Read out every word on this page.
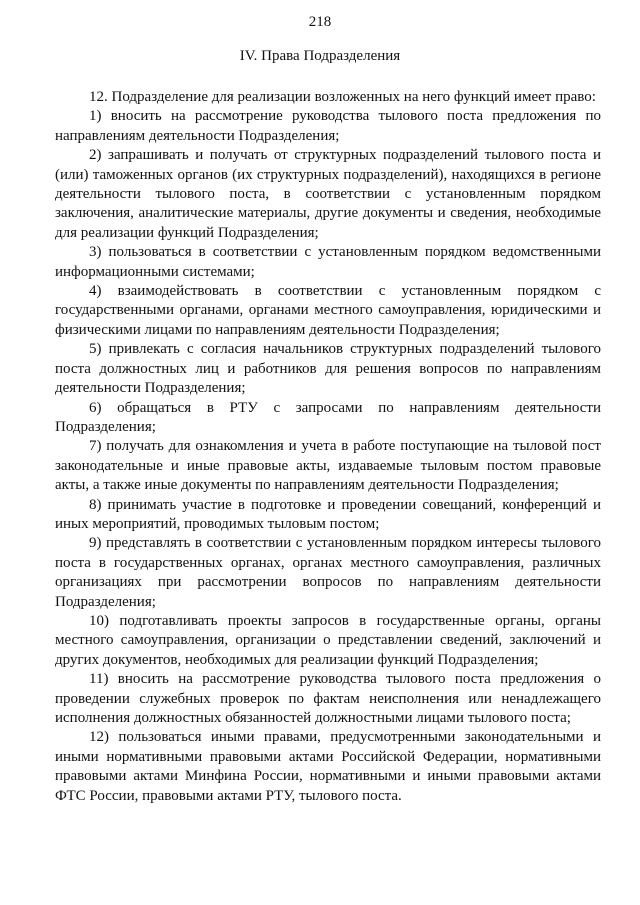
218
IV. Права Подразделения

12. Подразделение для реализации возложенных на него функций имеет право:

1) вносить на рассмотрение руководства тылового поста предложения по направлениям деятельности Подразделения;

2) запрашивать и получать от структурных подразделений тылового поста и (или) таможенных органов (их структурных подразделений), находящихся в регионе деятельности тылового поста, в соответствии с установленным порядком заключения, аналитические материалы, другие документы и сведения, необходимые для реализации функций Подразделения;

3) пользоваться в соответствии с установленным порядком ведомственными информационными системами;

4) взаимодействовать в соответствии с установленным порядком с государственными органами, органами местного самоуправления, юридическими и физическими лицами по направлениям деятельности Подразделения;

5) привлекать с согласия начальников структурных подразделений тылового поста должностных лиц и работников для решения вопросов по направлениям деятельности Подразделения;

6) обращаться в РТУ с запросами по направлениям деятельности Подразделения;

7) получать для ознакомления и учета в работе поступающие на тыловой пост законодательные и иные правовые акты, издаваемые тыловым постом правовые акты, а также иные документы по направлениям деятельности Подразделения;

8) принимать участие в подготовке и проведении совещаний, конференций и иных мероприятий, проводимых тыловым постом;

9) представлять в соответствии с установленным порядком интересы тылового поста в государственных органах, органах местного самоуправления, различных организациях при рассмотрении вопросов по направлениям деятельности Подразделения;

10) подготавливать проекты запросов в государственные органы, органы местного самоуправления, организации о представлении сведений, заключений и других документов, необходимых для реализации функций Подразделения;

11) вносить на рассмотрение руководства тылового поста предложения о проведении служебных проверок по фактам неисполнения или ненадлежащего исполнения должностных обязанностей должностными лицами тылового поста;

12) пользоваться иными правами, предусмотренными законодательными и иными нормативными правовыми актами Российской Федерации, нормативными правовыми актами Минфина России, нормативными и иными правовыми актами ФТС России, правовыми актами РТУ, тылового поста.
